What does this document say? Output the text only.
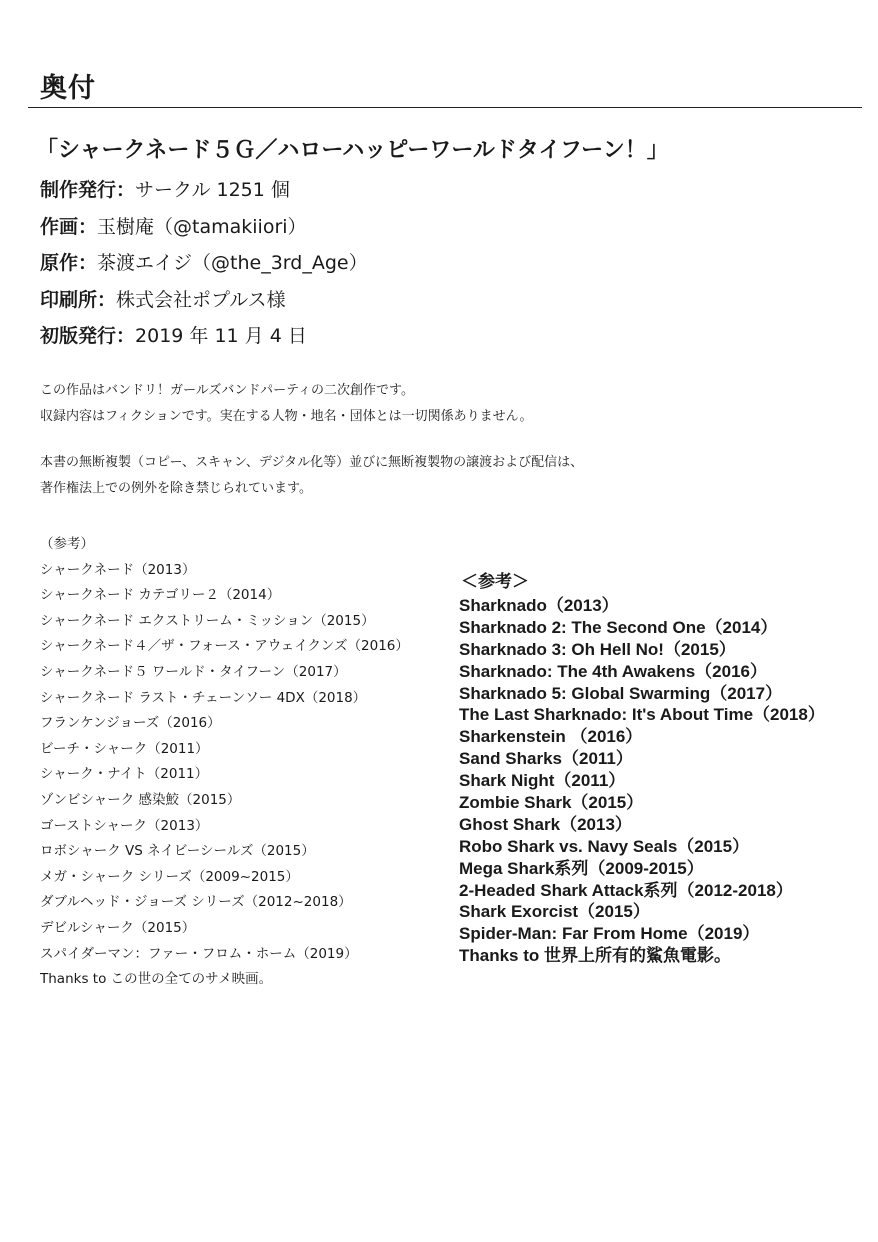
奥付
「シャークネード５Ｇ／ハローハッピーワールドタイフーン！」
制作発行：サークル 1251 個
作画：玉樹庵（@tamakiiori）
原作：茶渡エイジ（@the_3rd_Age）
印刷所：株式会社ポプルス様
初版発行：2019 年 11 月 4 日
この作品はバンドリ！ガールズバンドパーティの二次創作です。
収録内容はフィクションです。実在する人物・地名・団体とは一切関係ありません。
本書の無断複製（コピー、スキャン、デジタル化等）並びに無断複製物の譲渡および配信は、
著作権法上での例外を除き禁じられています。
（参考）
シャークネード（2013）
シャークネード カテゴリー２（2014）
シャークネード エクストリーム・ミッション（2015）
シャークネード４／ザ・フォース・アウェイクンズ（2016）
シャークネード５ ワールド・タイフーン（2017）
シャークネード ラスト・チェーンソー 4DX（2018）
フランケンジョーズ（2016）
ビーチ・シャーク（2011）
シャーク・ナイト（2011）
ゾンビシャーク 感染鮫（2015）
ゴーストシャーク（2013）
ロボシャーク VS ネイビーシールズ（2015）
メガ・シャーク シリーズ（2009~2015）
ダブルヘッド・ジョーズ シリーズ（2012~2018）
デビルシャーク（2015）
スパイダーマン：ファー・フロム・ホーム（2019）
Thanks to この世の全てのサメ映画。
＜参考＞
Sharknado（2013）
Sharknado 2: The Second One（2014）
Sharknado 3: Oh Hell No!（2015）
Sharknado: The 4th Awakens（2016）
Sharknado 5: Global Swarming（2017）
The Last Sharknado: It's About Time（2018）
Sharkenstein （2016）
Sand Sharks（2011）
Shark Night（2011）
Zombie Shark（2015）
Ghost Shark（2013）
Robo Shark vs. Navy Seals（2015）
Mega Shark系列（2009-2015）
2-Headed Shark Attack系列（2012-2018）
Shark Exorcist（2015）
Spider-Man: Far From Home（2019）
Thanks to 世界上所有的鯊魚電影。
